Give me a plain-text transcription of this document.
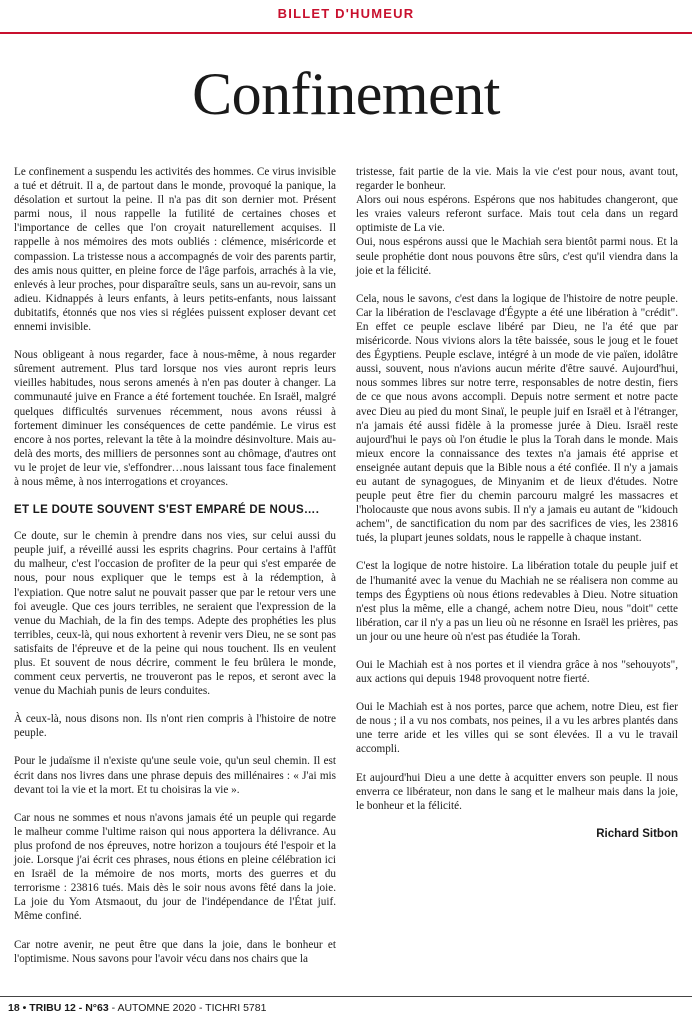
BILLET D'HUMEUR
Confinement

Le confinement a suspendu les activités des hommes. Ce virus invisible a tué et détruit. Il a, de partout dans le monde, provoqué la panique, la désolation et surtout la peine. Il n'a pas dit son dernier mot. Présent parmi nous, il nous rappelle la futilité de certaines choses et l'importance de celles que l'on croyait naturellement acquises. Il rappelle à nos mémoires des mots oubliés : clémence, miséricorde et compassion. La tristesse nous a accompagnés de voir des parents partir, des amis nous quitter, en pleine force de l'âge parfois, arrachés à la vie, enlevés à leur proches, pour disparaître seuls, sans un au-revoir, sans un adieu. Kidnappés à leurs enfants, à leurs petits-enfants, nous laissant dubitatifs, étonnés que nos vies si réglées puissent exploser devant cet ennemi invisible.

Nous obligeant à nous regarder, face à nous-même, à nous regarder sûrement autrement. Plus tard lorsque nos vies auront repris leurs vieilles habitudes, nous serons amenés à n'en pas douter à changer. La communauté juive en France a été fortement touchée. En Israël, malgré quelques difficultés survenues récemment, nous avons réussi à fortement diminuer les conséquences de cette pandémie. Le virus est encore à nos portes, relevant la tête à la moindre désinvolture. Mais au-delà des morts, des milliers de personnes sont au chômage, d'autres ont vu le projet de leur vie, s'effondrer…nous laissant tous face finalement à nous même, à nos interrogations et croyances.

ET LE DOUTE SOUVENT S'EST EMPARÉ DE NOUS….

Ce doute, sur le chemin à prendre dans nos vies, sur celui aussi du peuple juif, a réveillé aussi les esprits chagrins. Pour certains à l'affût du malheur, c'est l'occasion de profiter de la peur qui s'est emparée de nous, pour nous expliquer que le temps est à la rédemption, à l'expiation. Que notre salut ne pouvait passer que par le retour vers une foi aveugle. Que ces jours terribles, ne seraient que l'expression de la venue du Machiah, de la fin des temps. Adepte des prophéties les plus terribles, ceux-là, qui nous exhortent à revenir vers Dieu, ne se sont pas satisfaits de l'épreuve et de la peine qui nous touchent. Ils en veulent plus. Et souvent de nous décrire, comment le feu brûlera le monde, comment ceux pervertis, ne trouveront pas le repos, et seront avec la venue du Machiah punis de leurs conduites.

À ceux-là, nous disons non. Ils n'ont rien compris à l'histoire de notre peuple.

Pour le judaïsme il n'existe qu'une seule voie, qu'un seul chemin. Il est écrit dans nos livres dans une phrase depuis des millénaires : « J'ai mis devant toi la vie et la mort. Et tu choisiras la vie ».

Car nous ne sommes et nous n'avons jamais été un peuple qui regarde le malheur comme l'ultime raison qui nous apportera la délivrance. Au plus profond de nos épreuves, notre horizon a toujours été l'espoir et la joie. Lorsque j'ai écrit ces phrases, nous étions en pleine célébration ici en Israël de la mémoire de nos morts, morts des guerres et du terrorisme : 23816 tués. Mais dès le soir nous avons fêté dans la joie. La joie du Yom Atsmaout, du jour de l'indépendance de l'État juif. Même confiné.

Car notre avenir, ne peut être que dans la joie, dans le bonheur et l'optimisme. Nous savons pour l'avoir vécu dans nos chairs que la

tristesse, fait partie de la vie. Mais la vie c'est pour nous, avant tout, regarder le bonheur.

Alors oui nous espérons. Espérons que nos habitudes changeront, que les vraies valeurs referont surface. Mais tout cela dans un regard optimiste de La vie.

Oui, nous espérons aussi que le Machiah sera bientôt parmi nous. Et la seule prophétie dont nous pouvons être sûrs, c'est qu'il viendra dans la joie et la félicité.

Cela, nous le savons, c'est dans la logique de l'histoire de notre peuple. Car la libération de l'esclavage d'Égypte a été une libération à "crédit". En effet ce peuple esclave libéré par Dieu, ne l'a été que par miséricorde. Nous vivions alors la tête baissée, sous le joug et le fouet des Égyptiens. Peuple esclave, intégré à un mode de vie païen, idolâtre aussi, souvent, nous n'avions aucun mérite d'être sauvé. Aujourd'hui, nous sommes libres sur notre terre, responsables de notre destin, fiers de ce que nous avons accompli. Depuis notre serment et notre pacte avec Dieu au pied du mont Sinaï, le peuple juif en Israël et à l'étranger, n'a jamais été aussi fidèle à la promesse jurée à Dieu. Israël reste aujourd'hui le pays où l'on étudie le plus la Torah dans le monde. Mais mieux encore la connaissance des textes n'a jamais été apprise et enseignée autant depuis que la Bible nous a été confiée. Il n'y a jamais eu autant de synagogues, de Minyanim et de lieux d'études. Notre peuple peut être fier du chemin parcouru malgré les massacres et l'holocauste que nous avons subis. Il n'y a jamais eu autant de "kidouch achem", de sanctification du nom par des sacrifices de vies, les 23816 tués, la plupart jeunes soldats, nous le rappelle à chaque instant.

C'est la logique de notre histoire. La libération totale du peuple juif et de l'humanité avec la venue du Machiah ne se réalisera non comme au temps des Égyptiens où nous étions redevables à Dieu. Notre situation n'est plus la même, elle a changé, achem notre Dieu, nous "doit" cette libération, car il n'y a pas un lieu où ne résonne en Israël les prières, pas un jour ou une heure où n'est pas étudiée la Torah.

Oui le Machiah est à nos portes et il viendra grâce à nos "sehouyots", aux actions qui depuis 1948 provoquent notre fierté.

Oui le Machiah est à nos portes, parce que achem, notre Dieu, est fier de nous ; il a vu nos combats, nos peines, il a vu les arbres plantés dans une terre aride et les villes qui se sont élevées. Il a vu le travail accompli.

Et aujourd'hui Dieu a une dette à acquitter envers son peuple. Il nous enverra ce libérateur, non dans le sang et le malheur mais dans la joie, le bonheur et la félicité.

Richard Sitbon
18 • TRIBU 12 - N°63 - AUTOMNE 2020 - TICHRI 5781
